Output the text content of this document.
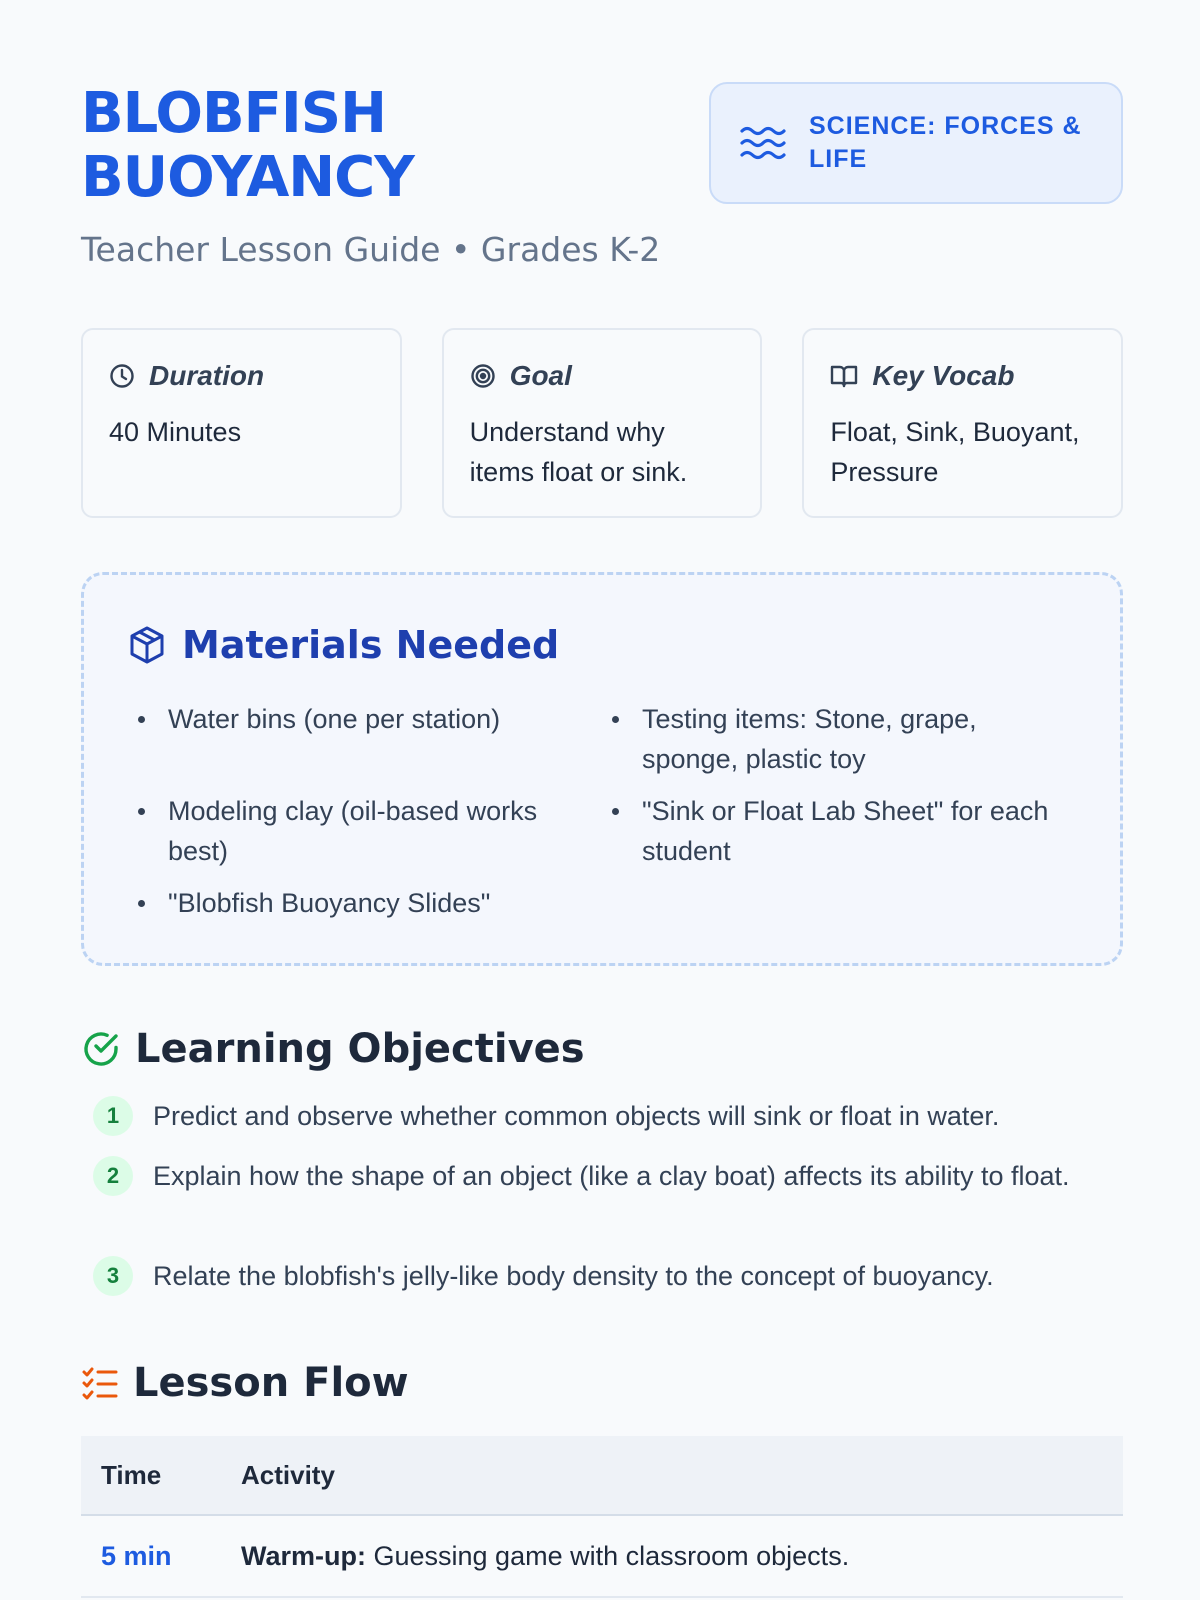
BLOBFISH
BUOYANCY
Teacher Lesson Guide • Grades K-2
SCIENCE: FORCES &
LIFE
Duration
40 Minutes
Goal
Understand why items float or sink.
Key Vocab
Float, Sink, Buoyant, Pressure
Materials Needed
Water bins (one per station)	Testing items: Stone, grape, sponge, plastic toy
Modeling clay (oil-based works best)
"Sink or Float Lab Sheet" for each student
"Blobfish Buoyancy Slides"
Learning Objectives
1	Predict and observe whether common objects will sink or float in water.
2	Explain how the shape of an object (like a clay boat) affects its ability to float.
3	Relate the blobfish's jelly-like body density to the concept of buoyancy.
Lesson Flow
Time	Activity
5 min	Warm-up: Guessing game with classroom objects.
